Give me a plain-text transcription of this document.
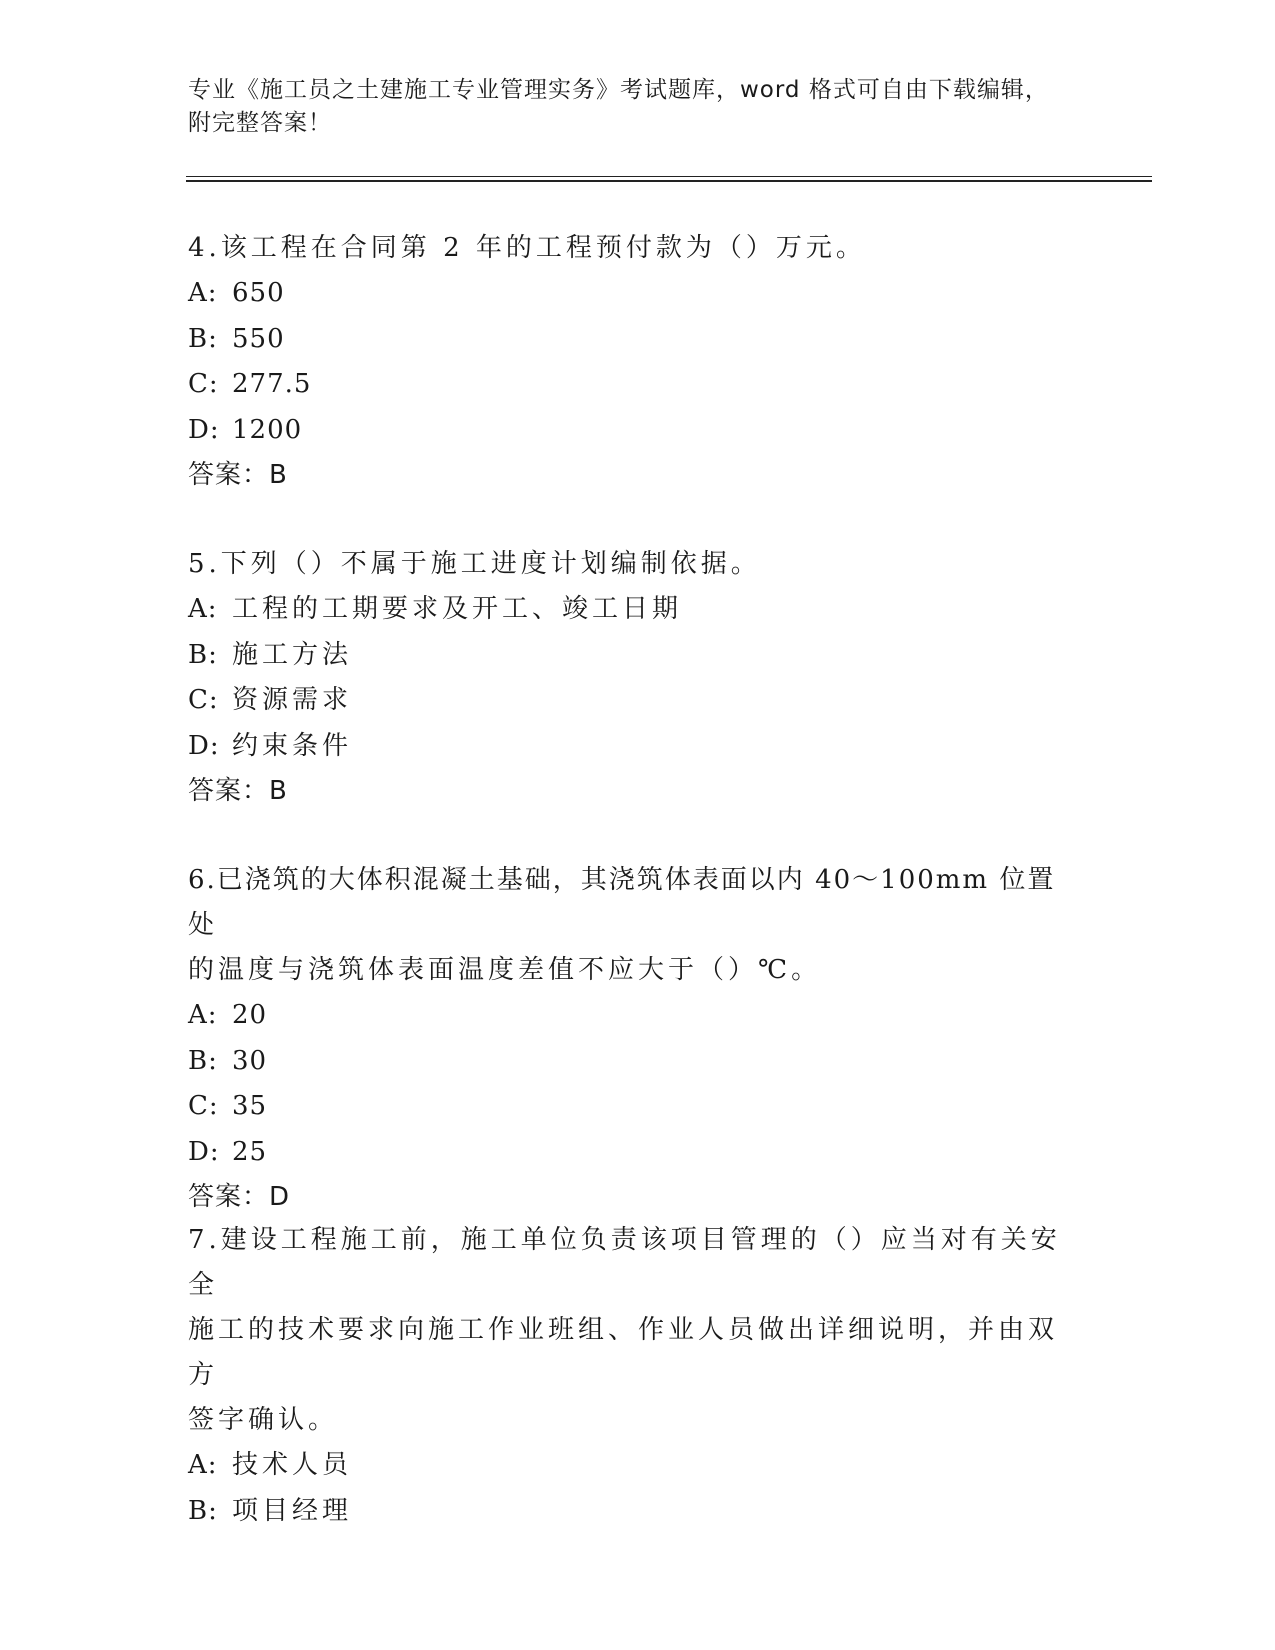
专业《施工员之土建施工专业管理实务》考试题库，word 格式可自由下载编辑，
附完整答案！
4.该工程在合同第 2 年的工程预付款为（）万元。
A: 650
B: 550
C: 277.5
D: 1200
答案：B
5.下列（）不属于施工进度计划编制依据。
A: 工程的工期要求及开工、竣工日期
B: 施工方法
C: 资源需求
D: 约束条件
答案：B
6.已浇筑的大体积混凝土基础，其浇筑体表面以内 40～100mm 位置处
的温度与浇筑体表面温度差值不应大于（）℃。
A: 20
B: 30
C: 35
D: 25
答案：D
7.建设工程施工前，施工单位负责该项目管理的（）应当对有关安全
施工的技术要求向施工作业班组、作业人员做出详细说明，并由双方
签字确认。
A: 技术人员
B: 项目经理
